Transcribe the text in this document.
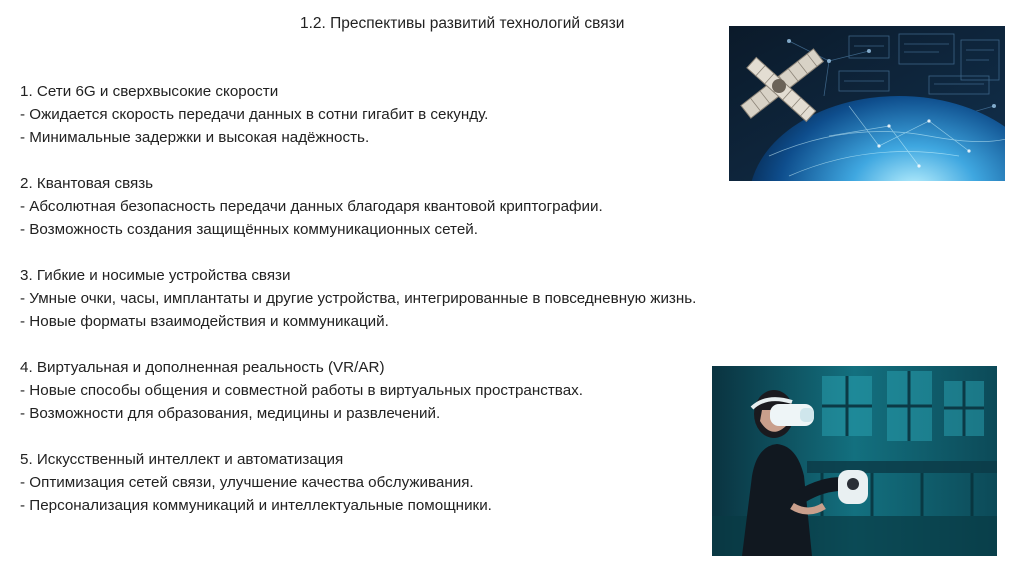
1.2. Преспективы развитий технологий связи
1. Сети 6G и сверхвысокие скорости
- Ожидается скорость передачи данных в сотни гигабит в секунду.
- Минимальные задержки и высокая надёжность.
2. Квантовая связь
- Абсолютная безопасность передачи данных благодаря квантовой криптографии.
- Возможность создания защищённых коммуникационных сетей.
3. Гибкие и носимые устройства связи
- Умные очки, часы, имплантаты и другие устройства, интегрированные в повседневную жизнь.
- Новые форматы взаимодействия и коммуникаций.
4. Виртуальная и дополненная реальность (VR/AR)
- Новые способы общения и совместной работы в виртуальных пространствах.
- Возможности для образования, медицины и развлечений.
5. Искусственный интеллект и автоматизация
- Оптимизация сетей связи, улучшение качества обслуживания.
- Персонализация коммуникаций и интеллектуальные помощники.
